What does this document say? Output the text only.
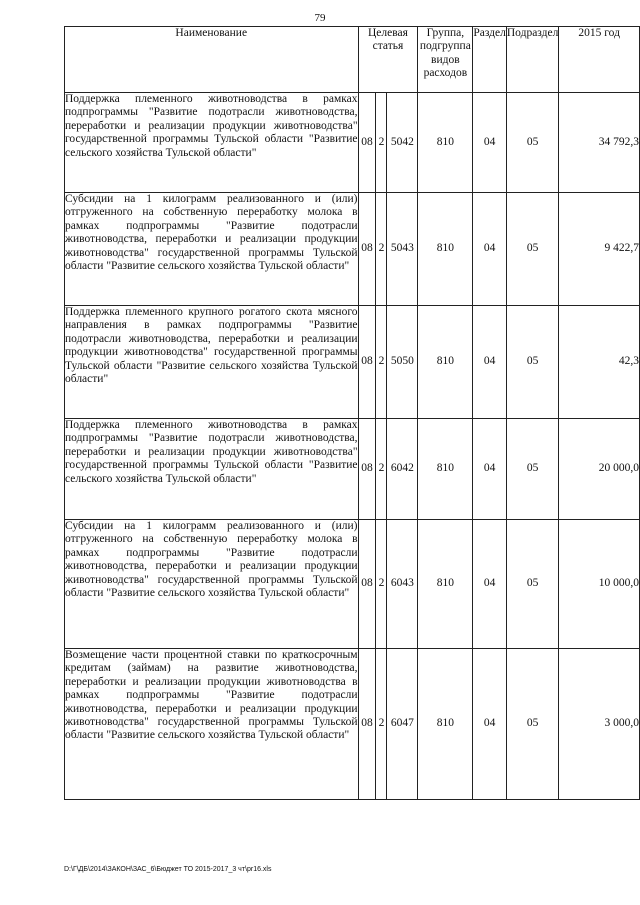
79
Наименование	Целевая статья			Группа, подгруппа видов расходов	Раздел	Подраздел	2015 год
Поддержка племенного животноводства в рамках подпрограммы "Развитие подотрасли животноводства, переработки и реализации продукции животноводства" государственной программы Тульской области "Развитие сельского хозяйства Тульской области"	08	2	5042	810	04	05	34 792,3
Субсидии на 1 килограмм реализованного и (или) отгруженного на собственную переработку молока в рамках подпрограммы "Развитие подотрасли животноводства, переработки и реализации продукции животноводства" государственной программы Тульской области "Развитие сельского хозяйства Тульской области"	08	2	5043	810	04	05	9 422,7
Поддержка племенного крупного рогатого скота мясного направления в рамках подпрограммы "Развитие подотрасли животноводства, переработки и реализации продукции животноводства" государственной программы Тульской области "Развитие сельского хозяйства Тульской области"	08	2	5050	810	04	05	42,3
Поддержка племенного животноводства в рамках подпрограммы "Развитие подотрасли животноводства, переработки и реализации продукции животноводства" государственной программы Тульской области "Развитие сельского хозяйства Тульской области"	08	2	6042	810	04	05	20 000,0
Субсидии на 1 килограмм реализованного и (или) отгруженного на собственную переработку молока в рамках подпрограммы "Развитие подотрасли животноводства, переработки и реализации продукции животноводства" государственной программы Тульской области "Развитие сельского хозяйства Тульской области"	08	2	6043	810	04	05	10 000,0
Возмещение части процентной ставки по краткосрочным кредитам (займам) на развитие животноводства, переработки и реализации продукции животноводства в рамках подпрограммы "Развитие подотрасли животноводства, переработки и реализации продукции животноводства" государственной программы Тульской области "Развитие сельского хозяйства Тульской области"	08	2	6047	810	04	05	3 000,0
D:\Г\ДБ\2014\ЗАКОН\ЗАС_6\Бюджет ТО 2015-2017_3 чт\pr16.xls
